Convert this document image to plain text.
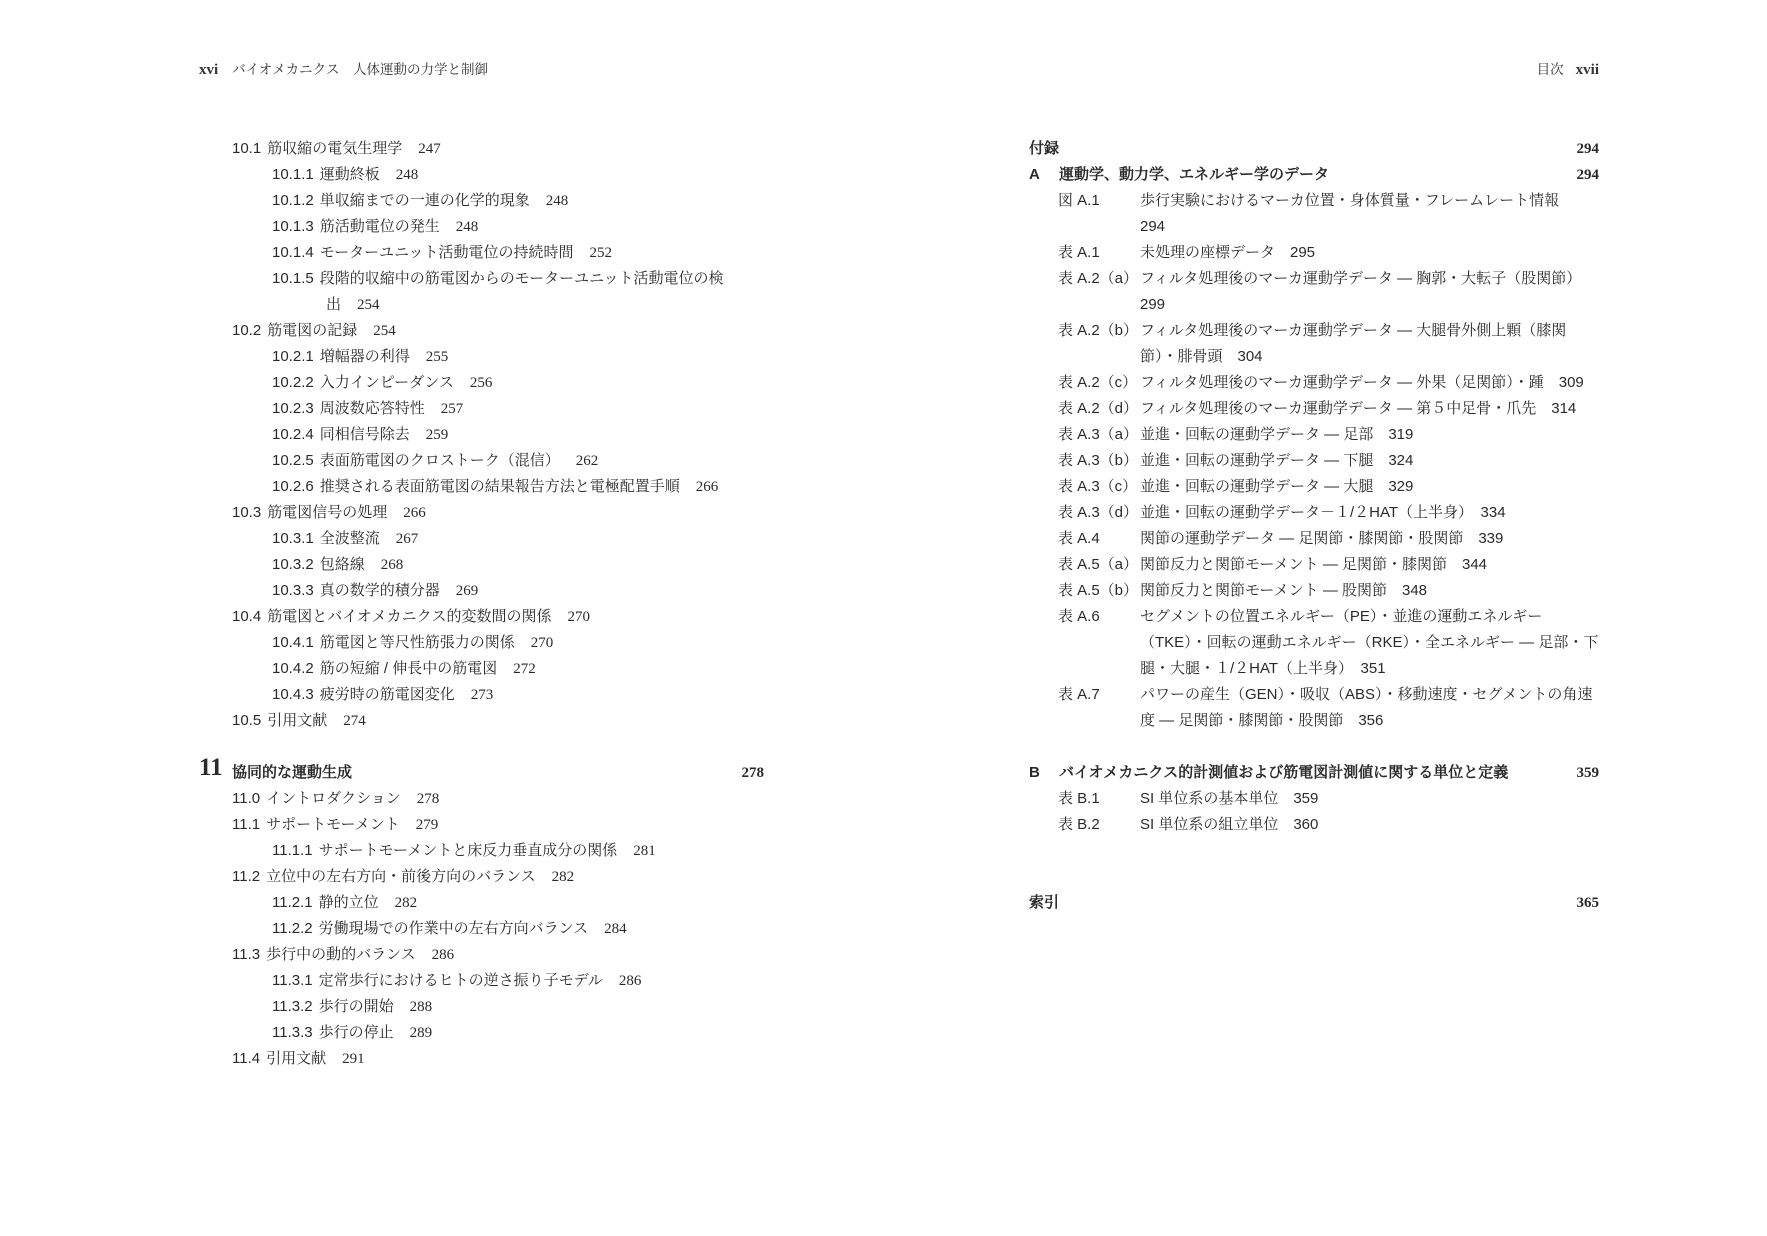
xvi バイオメカニクス　人体運動の力学と制御	目次 xvii
10.1 筋収縮の電気生理学 247
10.1.1 運動終板 248
10.1.2 単収縮までの一連の化学的現象 248
10.1.3 筋活動電位の発生 248
10.1.4 モーターユニット活動電位の持続時間 252
10.1.5 段階的収縮中の筋電図からのモーターユニット活動電位の検
出 254
10.2 筋電図の記録 254
10.2.1 増幅器の利得 255
10.2.2 入力インピーダンス 256
10.2.3 周波数応答特性 257
10.2.4 同相信号除去 259
10.2.5 表面筋電図のクロストーク（混信） 262
10.2.6 推奨される表面筋電図の結果報告方法と電極配置手順 266
10.3 筋電図信号の処理 266
10.3.1 全波整流 267
10.3.2 包絡線 268
10.3.3 真の数学的積分器 269
10.4 筋電図とバイオメカニクス的変数間の関係 270
10.4.1 筋電図と等尺性筋張力の関係 270
10.4.2 筋の短縮 / 伸長中の筋電図 272
10.4.3 疲労時の筋電図変化 273
10.5 引用文献 274
11 協同的な運動生成	278
11.0 イントロダクション 278
11.1 サポートモーメント 279
11.1.1 サポートモーメントと床反力垂直成分の関係 281
11.2 立位中の左右方向・前後方向のバランス 282
11.2.1 静的立位 282
11.2.2 労働現場での作業中の左右方向バランス 284
11.3 歩行中の動的バランス 286
11.3.1 定常歩行におけるヒトの逆さ振り子モデル 286
11.3.2 歩行の開始 288
11.3.3 歩行の停止 289
11.4 引用文献 291
付録	294
A 運動学、動力学、エネルギー学のデータ	294
図 A.1	歩行実験におけるマーカ位置・身体質量・フレームレート情報　294
表 A.1	未処理の座標データ　295
表 A.2（a） フィルタ処理後のマーカ運動学データ ― 胸郭・大転子（股関節）　299
表 A.2（b） フィルタ処理後のマーカ運動学データ ― 大腿骨外側上顆（膝関節）・腓骨頭　304
表 A.2（c） フィルタ処理後のマーカ運動学データ ― 外果（足関節）・踵　309
表 A.2（d） フィルタ処理後のマーカ運動学データ ― 第５中足骨・爪先　314
表 A.3（a） 並進・回転の運動学データ ― 足部　319
表 A.3（b） 並進・回転の運動学データ ― 下腿　324
表 A.3（c） 並進・回転の運動学データ ― 大腿　329
表 A.3（d） 並進・回転の運動学データ－１/２HAT（上半身）　334
表 A.4	関節の運動学データ ― 足関節・膝関節・股関節　339
表 A.5（a） 関節反力と関節モーメント ― 足関節・膝関節　344
表 A.5（b） 関節反力と関節モーメント ― 股関節　348
表 A.6	セグメントの位置エネルギー（PE）・並進の運動エネルギー（TKE）・回転の運動エネルギー（RKE）・全エネルギー ― 足部・下腿・大腿・１/２HAT（上半身）　351
表 A.7	パワーの産生（GEN）・吸収（ABS）・移動速度・セグメントの角速度 ― 足関節・膝関節・股関節　356
B バイオメカニクス的計測値および筋電図計測値に関する単位と定義	359
表 B.1	SI 単位系の基本単位　359
表 B.2	SI 単位系の組立単位　360
索引	365
